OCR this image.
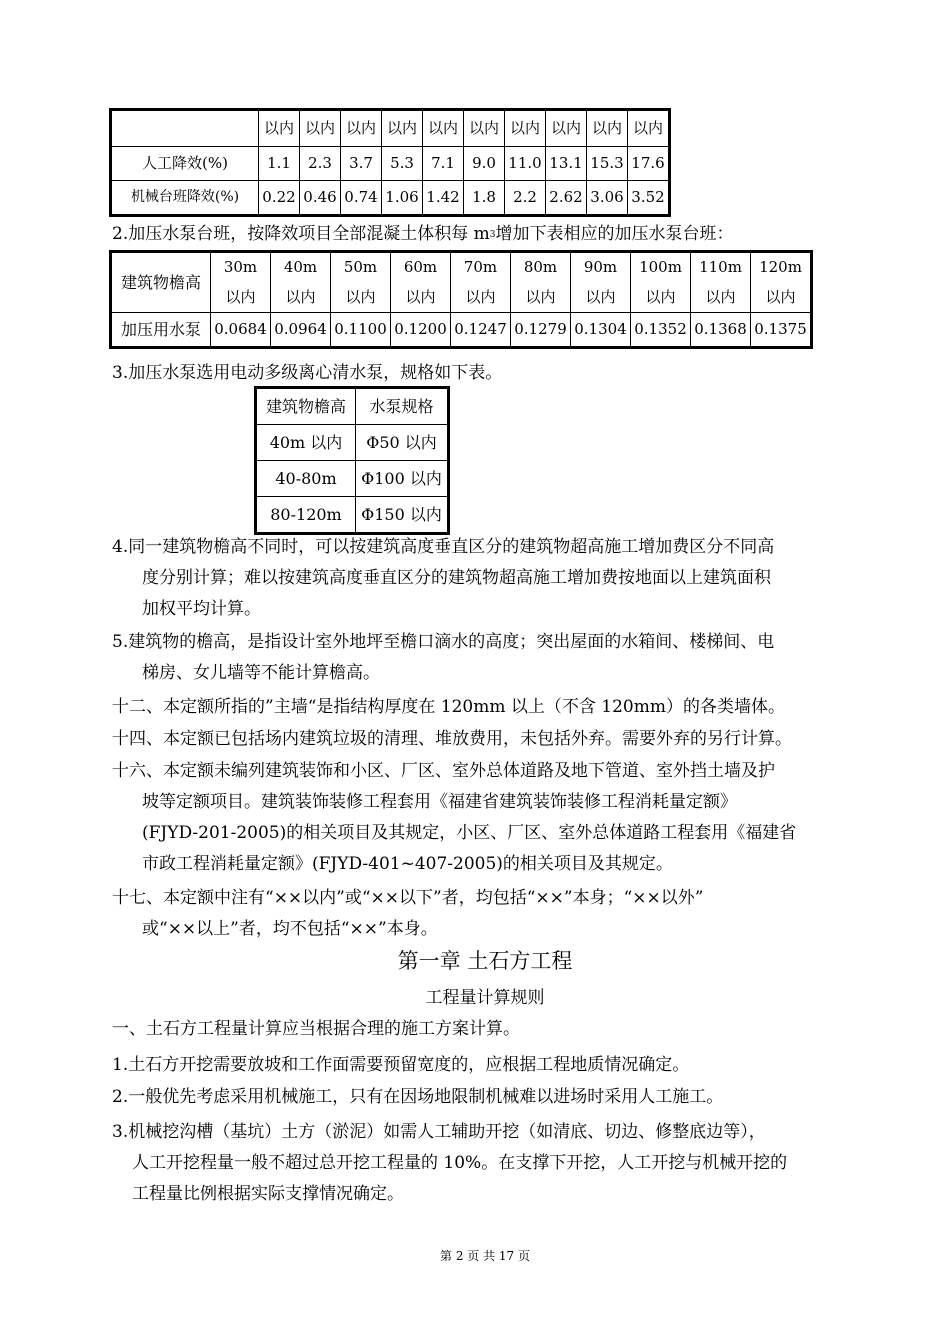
	以内	以内	以内	以内	以内	以内	以内	以内	以内	以内
人工降效(%)	1.1	2.3	3.7	5.3	7.1	9.0	11.0	13.1	15.3	17.6
机械台班降效(%)	0.22	0.46	0.74	1.06	1.42	1.8	2.2	2.62	3.06	3.52
2.加压水泵台班，按降效项目全部混凝土体积每 $m^3$增加下表相应的加压水泵台班：
建筑物檐高	30m	40m	50m	60m	70m	80m	90m	100m	110m	120m
	以内	以内	以内	以内	以内	以内	以内	以内	以内	以内
加压用水泵	0.0684	0.0964	0.1100	0.1200	0.1247	0.1279	0.1304	0.1352	0.1368	0.1375
3.加压水泵选用电动多级离心清水泵，规格如下表。
建筑物檐高	水泵规格
40m 以内	Φ50 以内
40-80m	Φ100 以内
80-120m	Φ150 以内
4.同一建筑物檐高不同时，可以按建筑高度垂直区分的建筑物超高施工增加费区分不同高
度分别计算；难以按建筑高度垂直区分的建筑物超高施工增加费按地面以上建筑面积
加权平均计算。
5.建筑物的檐高，是指设计室外地坪至檐口滴水的高度；突出屋面的水箱间、楼梯间、电
梯房、女儿墙等不能计算檐高。
十二、本定额所指的”主墙“是指结构厚度在 120mm 以上（不含 120mm）的各类墙体。
十四、本定额已包括场内建筑垃圾的清理、堆放费用，未包括外弃。需要外弃的另行计算。
十六、本定额未编列建筑装饰和小区、厂区、室外总体道路及地下管道、室外挡土墙及护
坡等定额项目。建筑装饰装修工程套用《福建省建筑装饰装修工程消耗量定额》
(FJYD-201-2005)的相关项目及其规定，小区、厂区、室外总体道路工程套用《福建省
市政工程消耗量定额》(FJYD-401~407-2005)的相关项目及其规定。
十七、本定额中注有“××以内”或“××以下”者，均包括“××”本身；“××以外”
或“××以上”者，均不包括“××”本身。
第一章 土石方工程
工程量计算规则
一、土石方工程量计算应当根据合理的施工方案计算。
1.土石方开挖需要放坡和工作面需要预留宽度的，应根据工程地质情况确定。
2.一般优先考虑采用机械施工，只有在因场地限制机械难以进场时采用人工施工。
3.机械挖沟槽（基坑）土方（淤泥）如需人工辅助开挖（如清底、切边、修整底边等），
人工开挖程量一般不超过总开挖工程量的 10%。在支撑下开挖，人工开挖与机械开挖的
工程量比例根据实际支撑情况确定。
第 2 页 共 17 页
